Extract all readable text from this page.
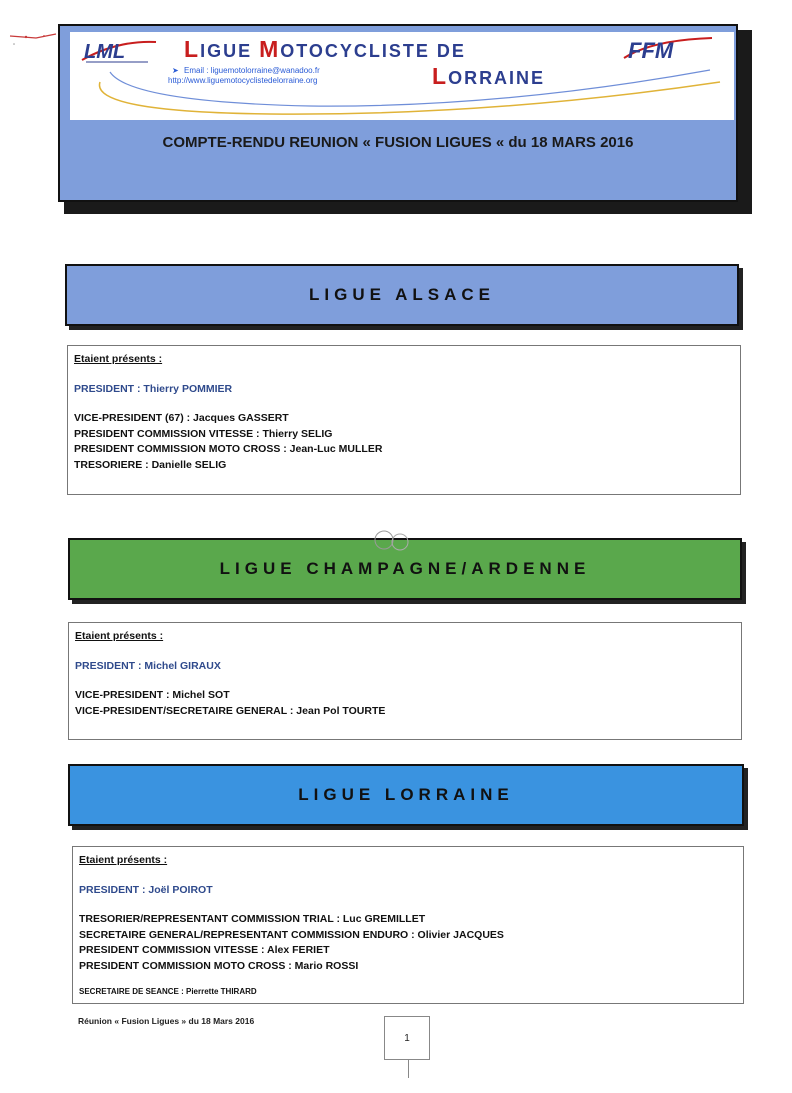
LML	FFM
LIGUE MOTOCYCLISTE DE
LORRAINE
➤ Email : liguemotolorraine@wanadoo.fr
http://www.liguemotocyclistedelorraine.org
COMPTE-RENDU REUNION « FUSION LIGUES « du 18 MARS 2016
LIGUE ALSACE
Etaient présents :
PRESIDENT : Thierry POMMIER
VICE-PRESIDENT (67) : Jacques GASSERT
PRESIDENT COMMISSION VITESSE : Thierry SELIG
PRESIDENT COMMISSION MOTO CROSS : Jean-Luc MULLER
TRESORIERE : Danielle SELIG
LIGUE CHAMPAGNE/ARDENNE
Etaient présents :
PRESIDENT : Michel GIRAUX
VICE-PRESIDENT : Michel SOT
VICE-PRESIDENT/SECRETAIRE GENERAL : Jean Pol TOURTE
LIGUE LORRAINE
Etaient présents :
PRESIDENT : Joël POIROT
TRESORIER/REPRESENTANT COMMISSION TRIAL : Luc GREMILLET
SECRETAIRE GENERAL/REPRESENTANT COMMISSION ENDURO : Olivier JACQUES
PRESIDENT COMMISSION VITESSE : Alex FERIET
PRESIDENT COMMISSION MOTO CROSS : Mario ROSSI
SECRETAIRE DE SEANCE : Pierrette THIRARD
Réunion « Fusion Ligues » du 18 Mars 2016
1
